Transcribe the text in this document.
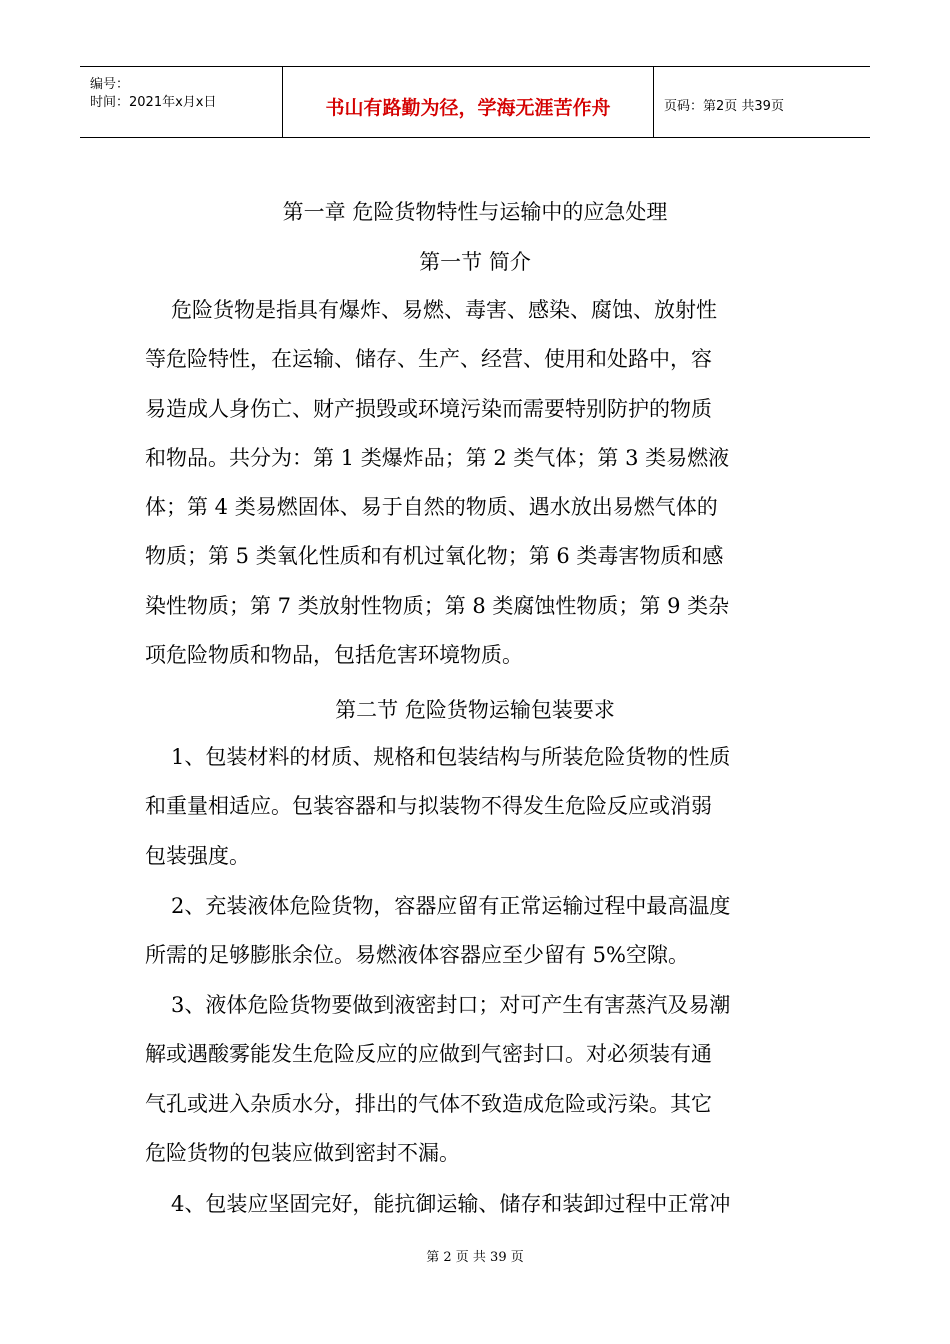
编号：
时间：2021年x月x日	书山有路勤为径，学海无涯苦作舟	页码：第2页 共39页
第一章 危险货物特性与运输中的应急处理
第一节 简介
危险货物是指具有爆炸、易燃、毒害、感染、腐蚀、放射性
等危险特性，在运输、储存、生产、经营、使用和处路中，容
易造成人身伤亡、财产损毁或环境污染而需要特别防护的物质
和物品。共分为：第 1 类爆炸品；第 2 类气体；第 3 类易燃液
体；第 4 类易燃固体、易于自然的物质、遇水放出易燃气体的
物质；第 5 类氧化性质和有机过氧化物；第 6 类毒害物质和感
染性物质；第 7 类放射性物质；第 8 类腐蚀性物质；第 9 类杂
项危险物质和物品，包括危害环境物质。
第二节 危险货物运输包装要求
1、包装材料的材质、规格和包装结构与所装危险货物的性质
和重量相适应。包装容器和与拟装物不得发生危险反应或消弱
包装强度。
2、充装液体危险货物，容器应留有正常运输过程中最高温度
所需的足够膨胀余位。易燃液体容器应至少留有 5%空隙。
3、液体危险货物要做到液密封口；对可产生有害蒸汽及易潮
解或遇酸雾能发生危险反应的应做到气密封口。对必须装有通
气孔或进入杂质水分，排出的气体不致造成危险或污染。其它
危险货物的包装应做到密封不漏。
4、包装应坚固完好，能抗御运输、储存和装卸过程中正常冲
第 2 页 共 39 页
